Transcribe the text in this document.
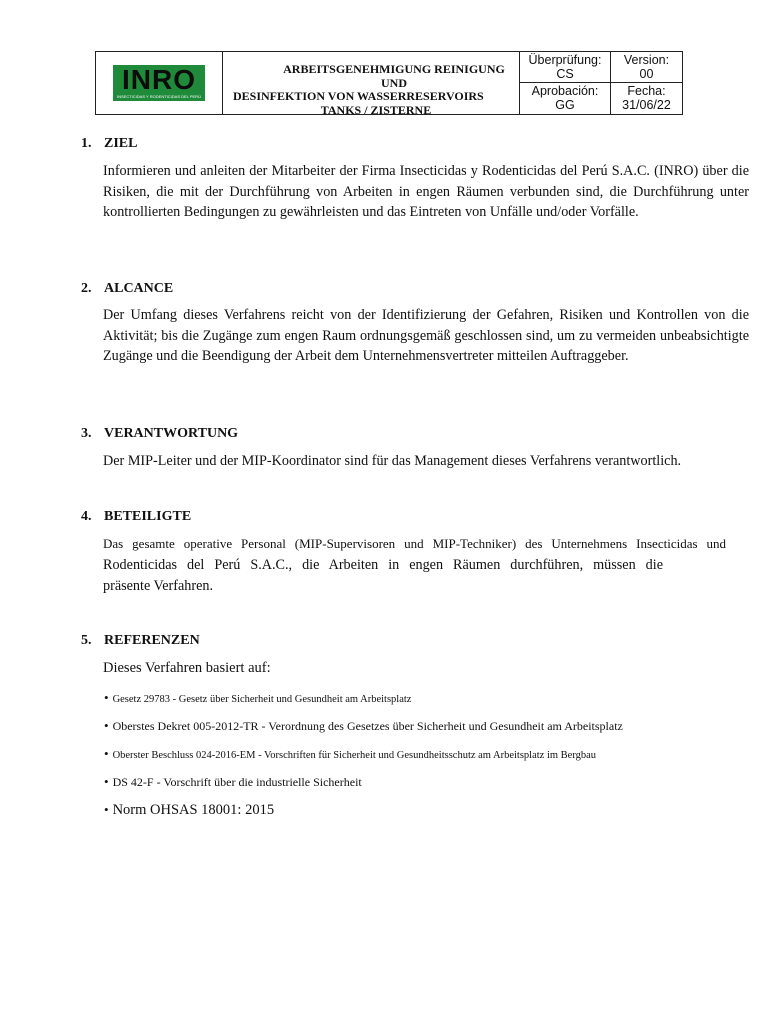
INRO
INSECTICIDAS Y RODENTICIDAS DEL PERÚ
ARBEITSGENEHMIGUNG REINIGUNG UND
DESINFEKTION VON WASSERRESERVOIRS
TANKS / ZISTERNE
Überprüfung:
CS
Version:
00
Aprobación:
GG
Fecha:
31/06/22
1. ZIEL
Informieren und anleiten der Mitarbeiter der Firma Insecticidas y Rodenticidas del Perú S.A.C. (INRO) über die Risiken, die mit der Durchführung von Arbeiten in engen Räumen verbunden sind, die Durchführung unter kontrollierten Bedingungen zu gewährleisten und das Eintreten von Unfälle und/oder Vorfälle.
2. ALCANCE
Der Umfang dieses Verfahrens reicht von der Identifizierung der Gefahren, Risiken und Kontrollen von die Aktivität; bis die Zugänge zum engen Raum ordnungsgemäß geschlossen sind, um zu vermeiden unbeabsichtigte Zugänge und die Beendigung der Arbeit dem Unternehmensvertreter mitteilen Auftraggeber.
3. VERANTWORTUNG
Der MIP-Leiter und der MIP-Koordinator sind für das Management dieses Verfahrens verantwortlich.
4. BETEILIGTE
Das gesamte operative Personal (MIP-Supervisoren und MIP-Techniker) des Unternehmens Insecticidas und
Rodenticidas del Perú S.A.C., die Arbeiten in engen Räumen durchführen, müssen die
präsente Verfahren.
5. REFERENZEN
Dieses Verfahren basiert auf:
• Gesetz 29783 - Gesetz über Sicherheit und Gesundheit am Arbeitsplatz
• Oberstes Dekret 005-2012-TR - Verordnung des Gesetzes über Sicherheit und Gesundheit am Arbeitsplatz
• Oberster Beschluss 024-2016-EM - Vorschriften für Sicherheit und Gesundheitsschutz am Arbeitsplatz im Bergbau
• DS 42-F - Vorschrift über die industrielle Sicherheit
• Norm OHSAS 18001: 2015
